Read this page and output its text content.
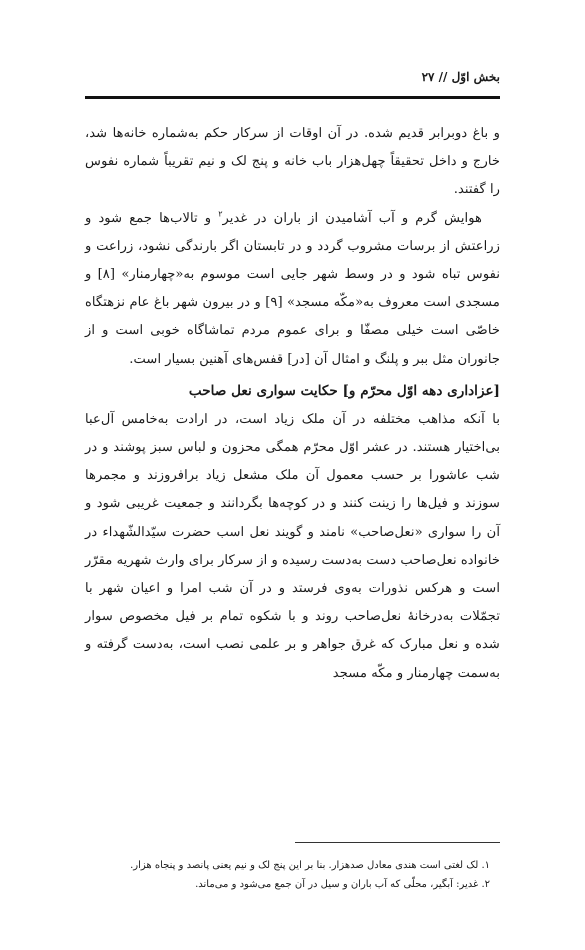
بخش اوّل // ۲۷

و باغ دوبرابر قدیم شده. در آن اوقات از سرکار حکم به‌شماره خانه‌ها شد، خارج و داخل تحقیقاً چهل‌هزار باب خانه و پنج لک و نیم تقریباً شماره نفوس را گفتند.

هوایش گرم و آب آشامیدن از باران در غدیر$^۲$ و تالاب‌ها جمع شود و زراعتش از برسات مشروب گردد و در تابستان اگر بارندگی نشود، زراعت و نفوس تباه شود و در وسط شهر جایی است موسوم به«چهارمنار» [۸] و مسجدی است معروف به«مکّه مسجد» [۹] و در بیرون شهر باغ عام نزهتگاه خاصّی است خیلی مصفّا و برای عموم مردم تماشاگاه خوبی است و از جانوران مثل ببر و پلنگ و امثال آن [در] قفس‌های آهنین بسیار است.

[عزاداری دهه اوّل محرّم و] حکایت سواری نعل صاحب

با آنکه مذاهب مختلفه در آن ملک زیاد است، در ارادت به‌خامس آل‌عبا بی‌اختیار هستند. در عشر اوّل محرّم همگی محزون و لباس سبز پوشند و در شب عاشورا بر حسب معمول آن ملک مشعل زیاد برافروزند و مجمرها سوزند و فیل‌ها را زینت کنند و در کوچه‌ها بگردانند و جمعیت غریبی شود و آن را سواری «نعل‌صاحب» نامند و گویند نعل اسب حضرت سیّدالشّهداء در خانواده نعل‌صاحب دست به‌دست رسیده و از سرکار برای وارث شهریه مقرّر است و هرکس نذورات به‌وی فرستد و در آن شب امرا و اعیان شهر با تجمّلات به‌درخانهٔ نعل‌صاحب روند و با شکوه تمام بر فیل مخصوص سوار شده و نعل مبارک که غرق جواهر و بر علمی نصب است، به‌دست گرفته و به‌سمت چهارمنار و مکّه مسجد

۱. لک لغتی است هندی معادل صدهزار. بنا بر این پنج لک و نیم یعنی پانصد و پنجاه هزار.

۲. غدیر: آبگیر، محلّی که آب باران و سیل در آن جمع می‌شود و می‌ماند.
